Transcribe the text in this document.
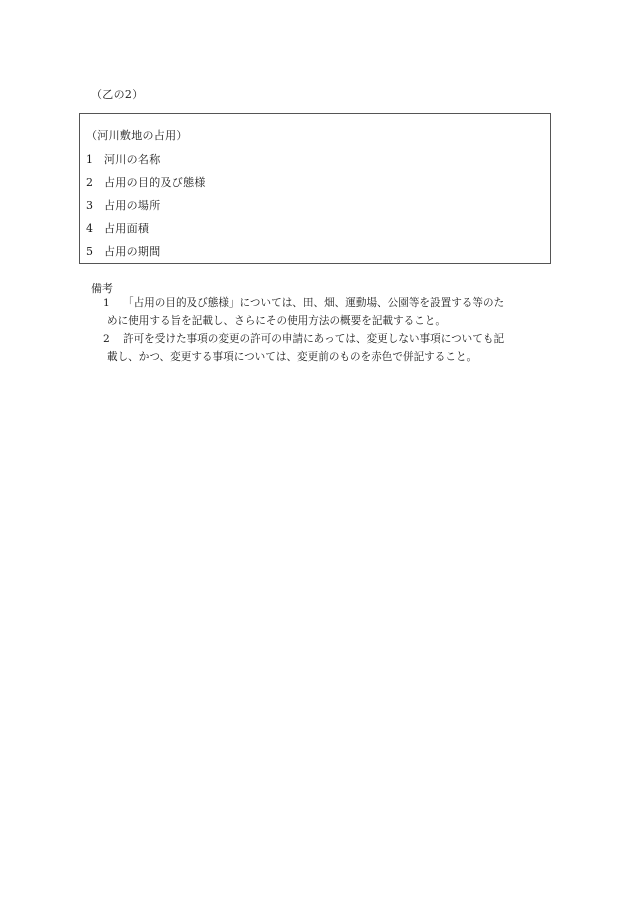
（乙の2）
（河川敷地の占用）
1 河川の名称
2 占用の目的及び態様
3 占用の場所
4 占用面積
5 占用の期間
備考
1 「占用の目的及び態様」については、田、畑、運動場、公園等を設置する等のた
めに使用する旨を記載し、さらにその使用方法の概要を記載すること。
2 許可を受けた事項の変更の許可の申請にあっては、変更しない事項についても記
載し、かつ、変更する事項については、変更前のものを赤色で併記すること。
